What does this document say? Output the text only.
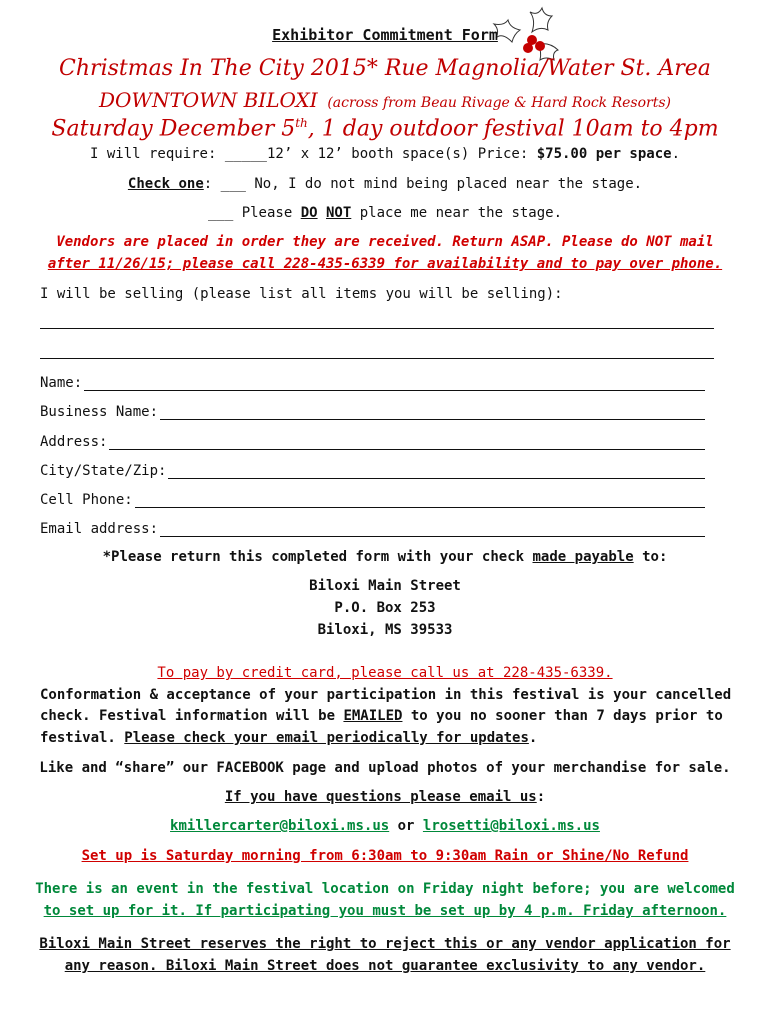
Exhibitor Commitment Form
Christmas In The City 2015* Rue Magnolia/Water St. Area
DOWNTOWN BILOXI (across from Beau Rivage & Hard Rock Resorts)
Saturday December 5th, 1 day outdoor festival 10am to 4pm
I will require: _____12’ x 12’ booth space(s) Price: $75.00 per space.
Check one: ___ No, I do not mind being placed near the stage.
___ Please DO NOT place me near the stage.
Vendors are placed in order they are received. Return ASAP. Please do NOT mail
after 11/26/15; please call 228-435-6339 for availability and to pay over phone.
I will be selling (please list all items you will be selling):
Name:
Business Name:
Address:
City/State/Zip:
Cell Phone:
Email address:
*Please return this completed form with your check made payable to:
Biloxi Main Street
P.O. Box 253
Biloxi, MS 39533
To pay by credit card, please call us at 228-435-6339.
Conformation & acceptance of your participation in this festival is your cancelled
check. Festival information will be EMAILED to you no sooner than 7 days prior to
festival. Please check your email periodically for updates.
Like and “share” our FACEBOOK page and upload photos of your merchandise for sale.
If you have questions please email us:
kmillercarter@biloxi.ms.us or lrosetti@biloxi.ms.us
Set up is Saturday morning from 6:30am to 9:30am Rain or Shine/No Refund
There is an event in the festival location on Friday night before; you are welcomed
to set up for it. If participating you must be set up by 4 p.m. Friday afternoon.
Biloxi Main Street reserves the right to reject this or any vendor application for
any reason. Biloxi Main Street does not guarantee exclusivity to any vendor.
